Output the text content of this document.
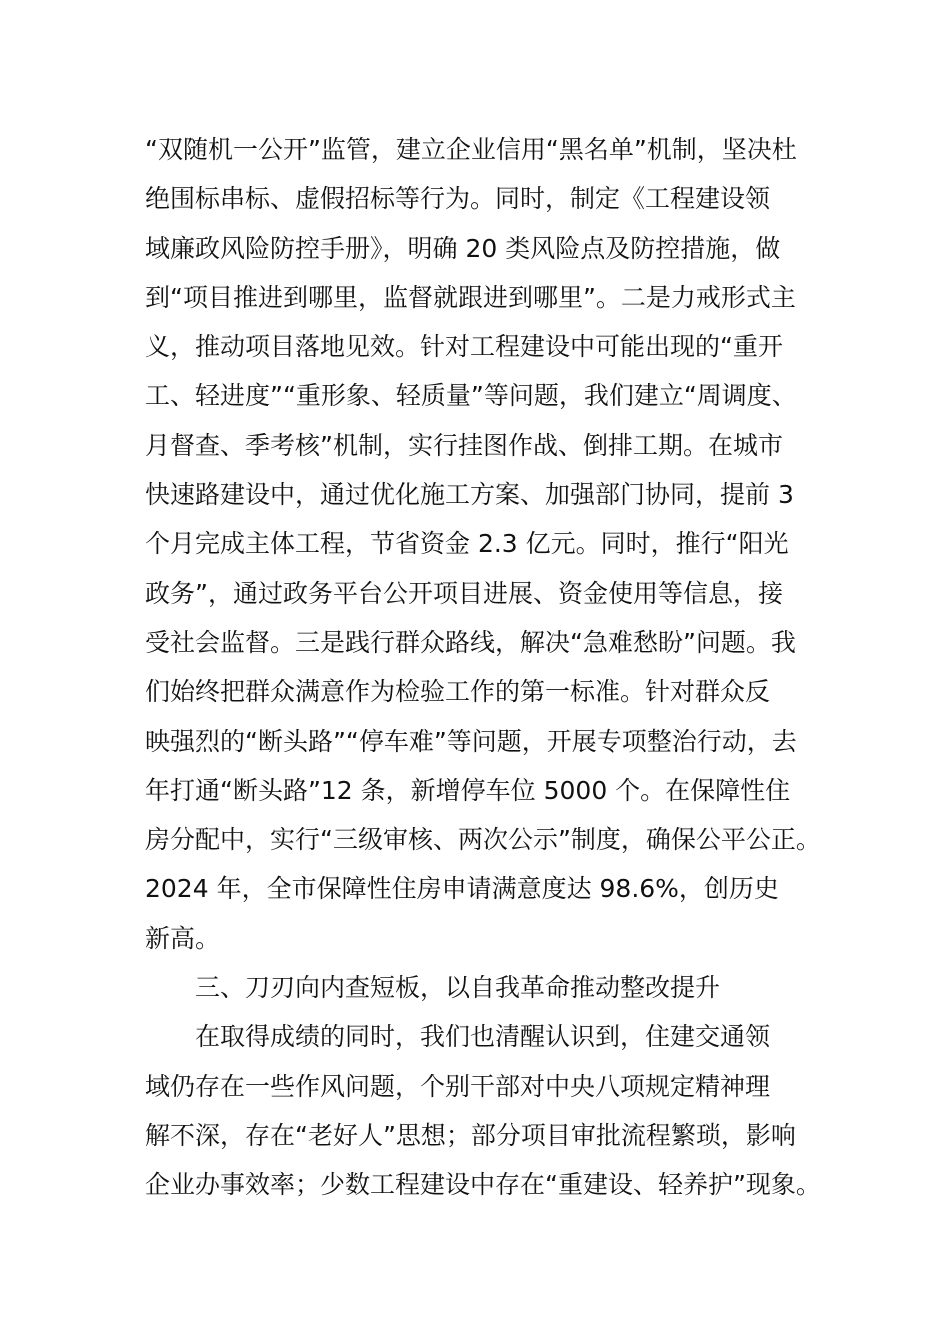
“双随机一公开”监管，建立企业信用“黑名单”机制，坚决杜
绝围标串标、虚假招标等行为。同时，制定《工程建设领
域廉政风险防控手册》，明确 20 类风险点及防控措施，做
到“项目推进到哪里，监督就跟进到哪里”。二是力戒形式主
义，推动项目落地见效。针对工程建设中可能出现的“重开
工、轻进度”“重形象、轻质量”等问题，我们建立“周调度、
月督查、季考核”机制，实行挂图作战、倒排工期。在城市
快速路建设中，通过优化施工方案、加强部门协同，提前 3
个月完成主体工程，节省资金 2.3 亿元。同时，推行“阳光
政务”，通过政务平台公开项目进展、资金使用等信息，接
受社会监督。三是践行群众路线，解决“急难愁盼”问题。我
们始终把群众满意作为检验工作的第一标准。针对群众反
映强烈的“断头路”“停车难”等问题，开展专项整治行动，去
年打通“断头路”12 条，新增停车位 5000 个。在保障性住
房分配中，实行“三级审核、两次公示”制度，确保公平公正。
2024 年，全市保障性住房申请满意度达 98.6%，创历史
新高。
三、刀刃向内查短板，以自我革命推动整改提升
在取得成绩的同时，我们也清醒认识到，住建交通领
域仍存在一些作风问题，个别干部对中央八项规定精神理
解不深，存在“老好人”思想；部分项目审批流程繁琐，影响
企业办事效率；少数工程建设中存在“重建设、轻养护”现象。
